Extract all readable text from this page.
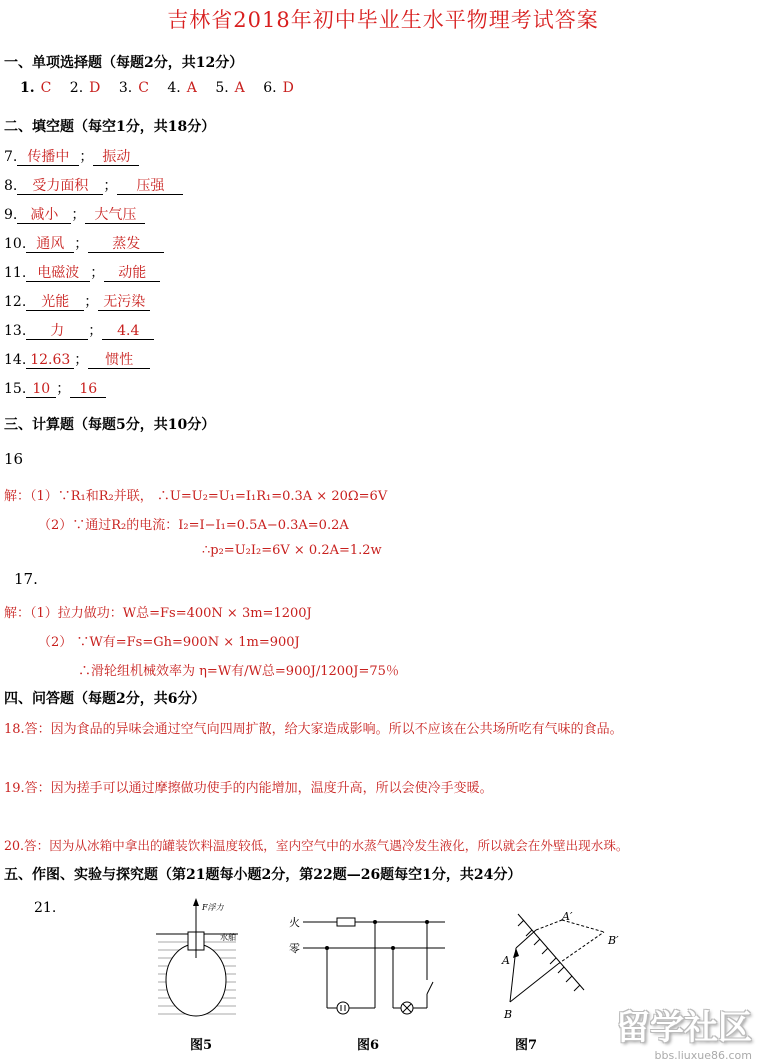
吉林省2018年初中毕业生水平物理考试答案
一、单项选择题（每题2分，共12分）
1. C 2. D 3. C 4. A 5. A 6. D
二、填空题（每空1分，共18分）
7. 传播中 ； 振动
8. 受力面积 ； 压强
9. 减小 ； 大气压
10. 通风 ； 蒸发
11. 电磁波 ； 动能
12. 光能 ； 无污染
13. 力 ； 4.4
14. 12.63 ； 惯性
15. 10 ； 16
三、计算题（每题5分，共10分）
16
解：（1）∵R₁和R₂并联， ∴U=U₂=U₁=I₁R₁=0.3A × 20Ω=6V
（2）∵通过R₂的电流：I₂=I−I₁=0.5A−0.3A=0.2A
∴p₂=U₂I₂=6V × 0.2A=1.2w
17.
解：（1）拉力做功：W总=Fs=400N × 3m=1200J
（2） ∵W有=Fs=Gh=900N × 1m=900J
∴滑轮组机械效率为 η=W有/W总=900J/1200J=75％
四、问答题（每题2分，共6分）
18.答：因为食品的异味会通过空气向四周扩散，给大家造成影响。所以不应该在公共场所吃有气味的食品。
19.答：因为搓手可以通过摩擦做功使手的内能增加，温度升高，所以会使冷手变暖。
20.答：因为从冰箱中拿出的罐装饮料温度较低，室内空气中的水蒸气遇冷发生液化，所以就会在外壁出现水珠。
五、作图、实验与探究题（第21题每小题2分，第22题—26题每空1分，共24分）
21.	F浮力
水舶
图5
火
零
图6
A
A′
B
B′
图7 留学社区
bbs.liuxue86.com
